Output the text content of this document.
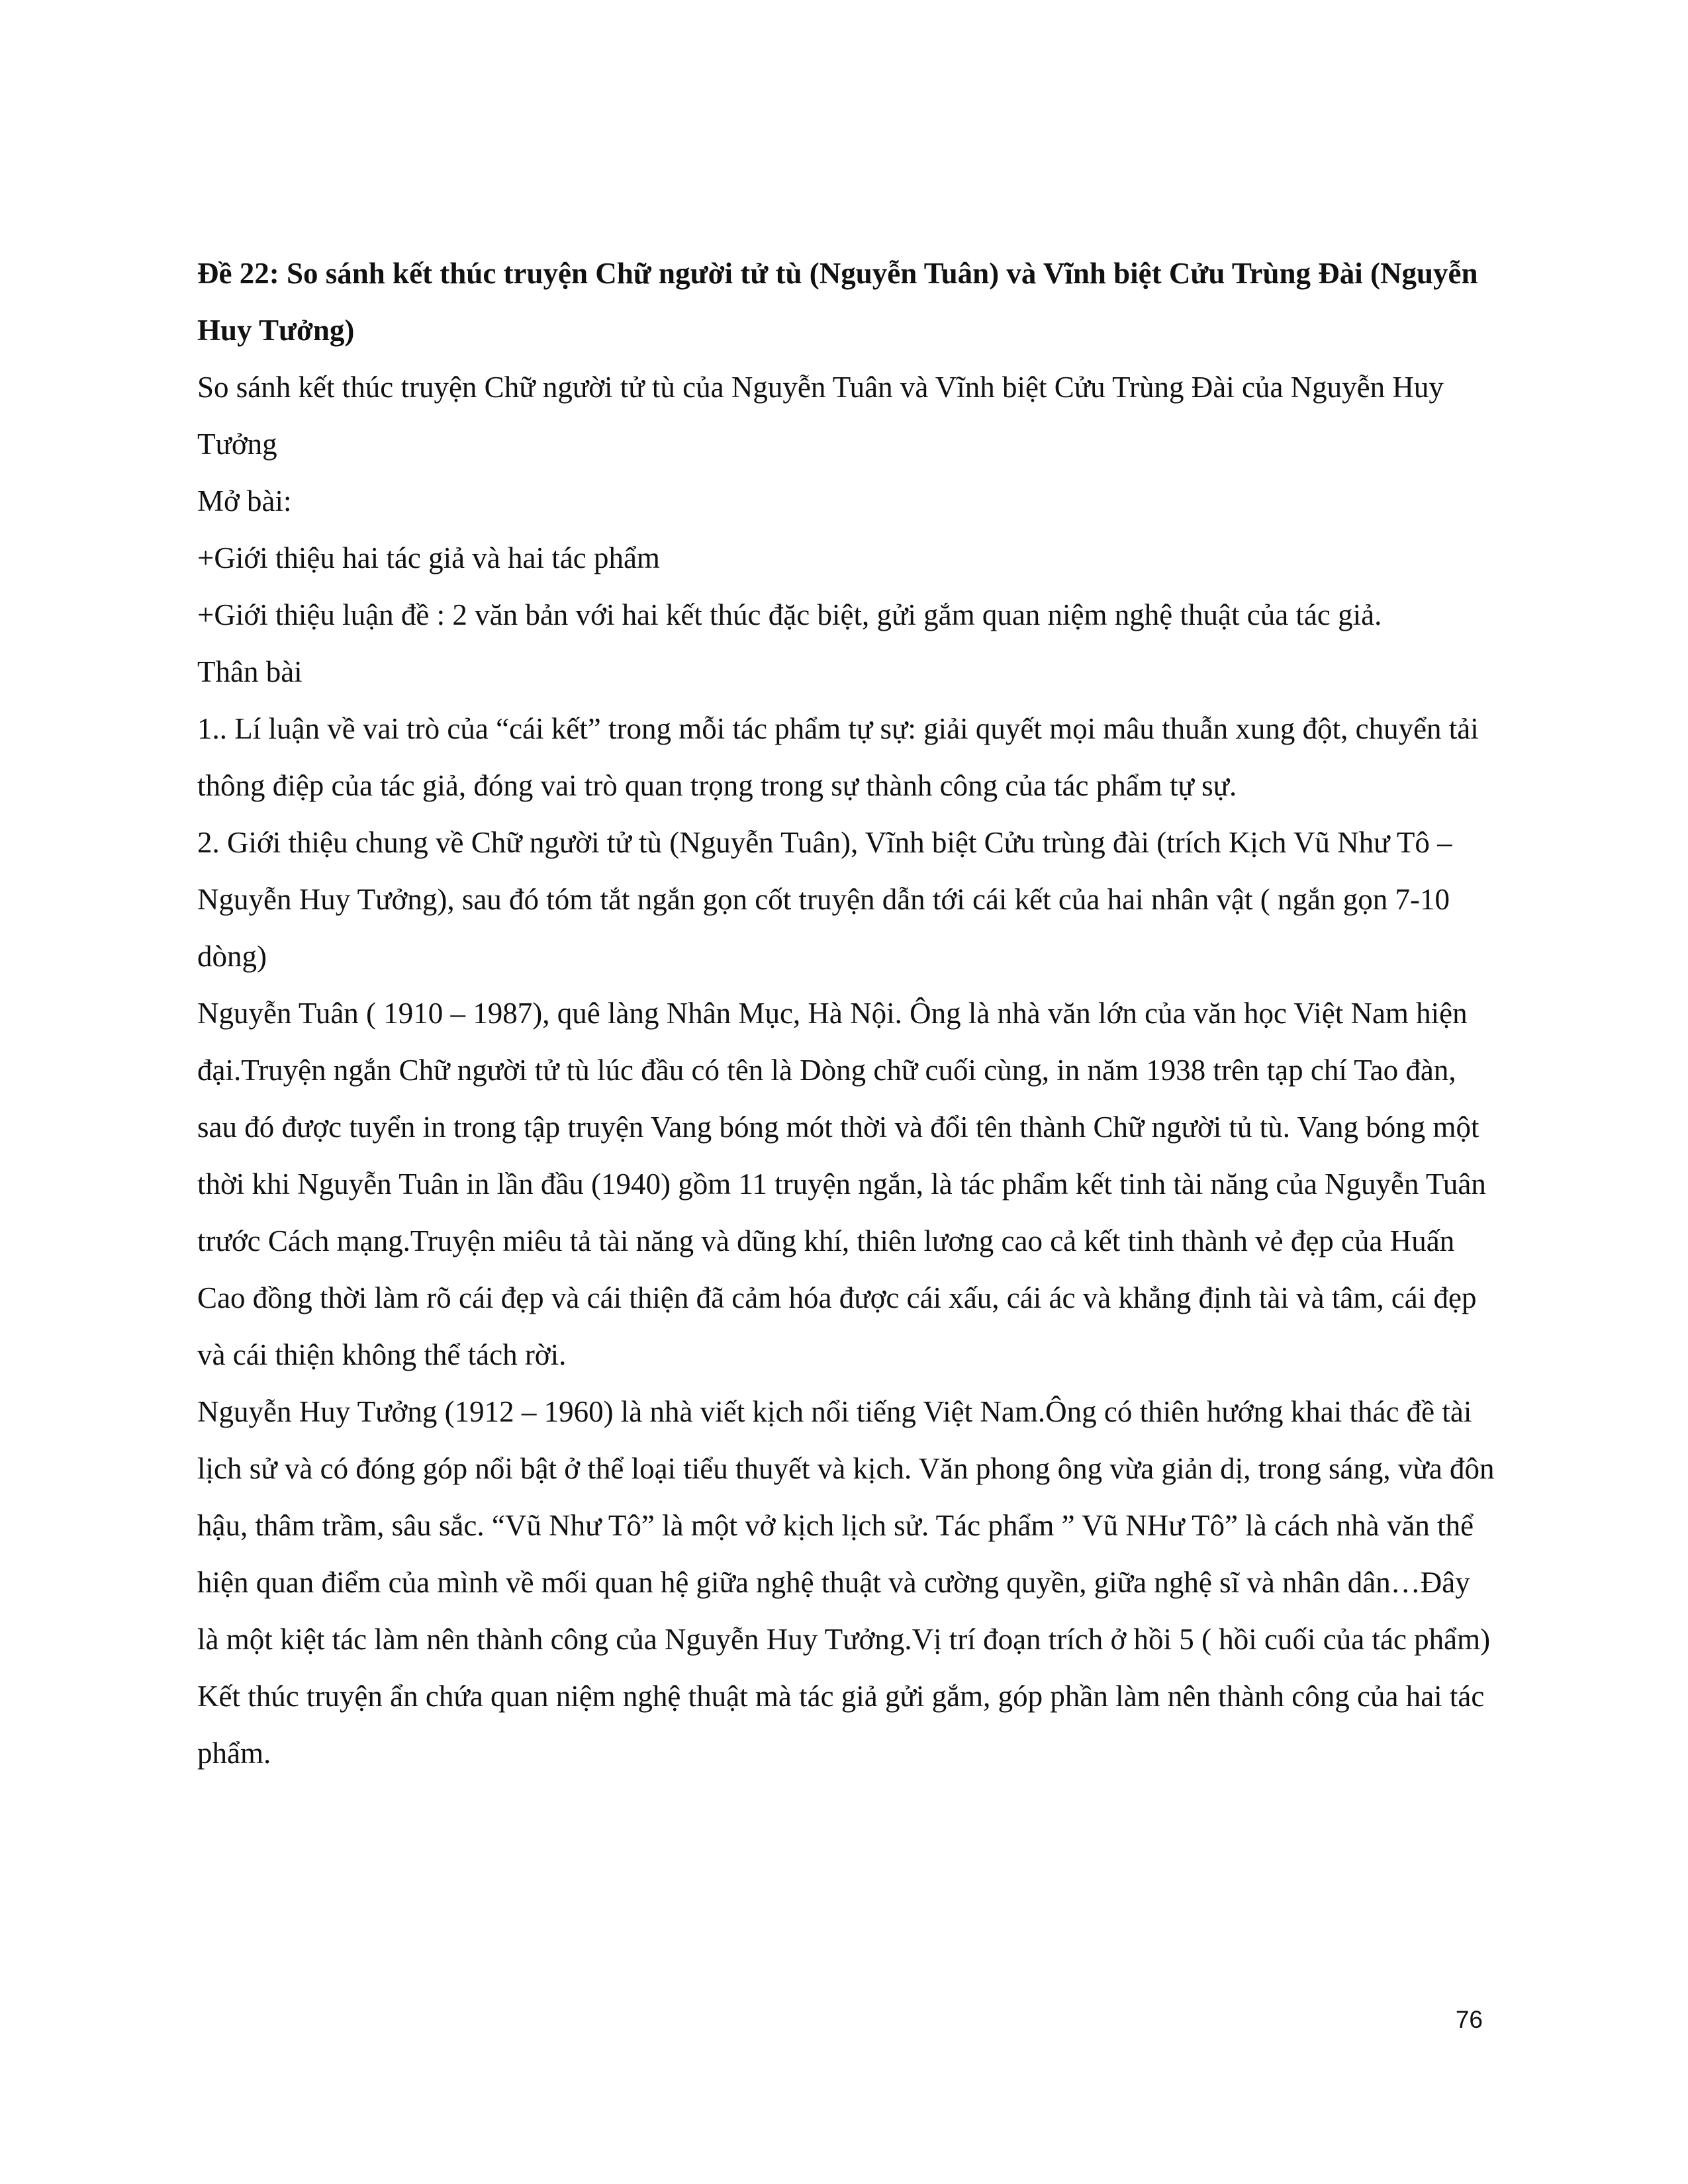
Đề 22: So sánh kết thúc truyện Chữ người tử tù (Nguyễn Tuân) và Vĩnh biệt Cửu Trùng Đài (Nguyễn Huy Tưởng)

So sánh kết thúc truyện Chữ người tử tù của Nguyễn Tuân và Vĩnh biệt Cửu Trùng Đài của Nguyễn Huy Tưởng

Mở bài:

+Giới thiệu hai tác giả và hai tác phẩm

+Giới thiệu luận đề : 2 văn bản với hai kết thúc đặc biệt, gửi gắm quan niệm nghệ thuật của tác giả.

Thân bài

1.. Lí luận về vai trò của “cái kết” trong mỗi tác phẩm tự sự: giải quyết mọi mâu thuẫn xung đột, chuyển tải thông điệp của tác giả, đóng vai trò quan trọng trong sự thành công của tác phẩm tự sự.

2. Giới thiệu chung về Chữ người tử tù (Nguyễn Tuân), Vĩnh biệt Cửu trùng đài (trích Kịch Vũ Như Tô – Nguyễn Huy Tưởng), sau đó tóm tắt ngắn gọn cốt truyện dẫn tới cái kết của hai nhân vật ( ngắn gọn 7-10 dòng)

Nguyễn Tuân ( 1910 – 1987), quê làng Nhân Mục, Hà Nội. Ông là nhà văn lớn của văn học Việt Nam hiện đại.Truyện ngắn Chữ người tử tù lúc đầu có tên là Dòng chữ cuối cùng, in năm 1938 trên tạp chí Tao đàn, sau đó được tuyển in trong tập truyện Vang bóng mót thời và đổi tên thành Chữ người tủ tù. Vang bóng một thời khi Nguyễn Tuân in lần đầu (1940) gồm 11 truyện ngắn, là tác phẩm kết tinh tài năng của Nguyễn Tuân trước Cách mạng.Truyện miêu tả tài năng và dũng khí, thiên lương cao cả kết tinh thành vẻ đẹp của Huấn Cao đồng thời làm rõ cái đẹp và cái thiện đã cảm hóa được cái xấu, cái ác và khẳng định tài và tâm, cái đẹp và cái thiện không thể tách rời.

Nguyễn Huy Tưởng (1912 – 1960) là nhà viết kịch nổi tiếng Việt Nam.Ông có thiên hướng khai thác đề tài lịch sử và có đóng góp nổi bật ở thể loại tiểu thuyết và kịch. Văn phong ông vừa giản dị, trong sáng, vừa đôn hậu, thâm trầm, sâu sắc. “Vũ Như Tô” là một vở kịch lịch sử. Tác phẩm ” Vũ NHư Tô” là cách nhà văn thể hiện quan điểm của mình về mối quan hệ giữa nghệ thuật và cường quyền, giữa nghệ sĩ và nhân dân…Đây là một kiệt tác làm nên thành công của Nguyễn Huy Tưởng.Vị trí đoạn trích ở hồi 5 ( hồi cuối của tác phẩm)

Kết thúc truyện ẩn chứa quan niệm nghệ thuật mà tác giả gửi gắm, góp phần làm nên thành công của hai tác phẩm.

76
